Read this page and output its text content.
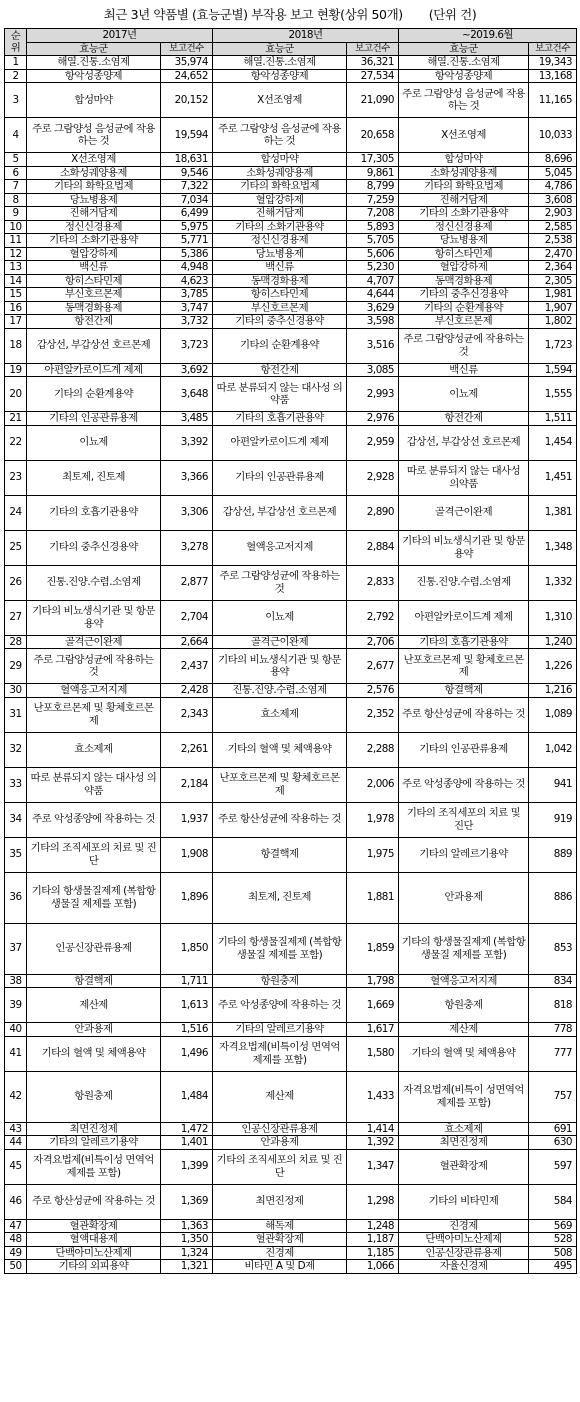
최근 3년 약품별 (효능군별) 부작용 보고 현황(상위 50개) (단위 건)
순위	2017년		2018년		~2019.6월	
	효능군	보고건수	효능군	보고건수	효능군	보고건수
1	해열.진통.소염제	35,974	해열.진통.소염제	36,321	해열.진통.소염제	19,343
2	항악성종양제	24,652	항악성종양제	27,534	항악성종양제	13,168
3	합성마약	20,152	X선조영제	21,090	주로 그람양성 음성균에 작용하는 것	11,165
4	주로 그람양성 음성균에 작용하는 것	19,594	주로 그람양성 음성균에 작용하는 것	20,658	X선조영제	10,033
5	X선조영제	18,631	합성마약	17,305	합성마약	8,696
6	소화성궤양용제	9,546	소화성궤양용제	9,861	소화성궤양용제	5,045
7	기타의 화학요법제	7,322	기타의 화학요법제	8,799	기타의 화학요법제	4,786
8	당뇨병용제	7,034	혈압강하제	7,259	진해거담제	3,608
9	진해거담제	6,499	진해거담제	7,208	기타의 소화기관용약	2,903
10	정신신경용제	5,975	기타의 소화기관용약	5,893	정신신경용제	2,585
11	기타의 소화기관용약	5,771	정신신경용제	5,705	당뇨병용제	2,538
12	혈압강하제	5,386	당뇨병용제	5,606	항히스타민제	2,470
13	백신류	4,948	백신류	5,230	혈압강하제	2,364
14	항히스타민제	4,623	동맥경화용제	4,707	동맥경화용제	2,305
15	부신호르몬제	3,785	항히스타민제	4,644	기타의 중추신경용약	1,981
16	동맥경화용제	3,747	부신호르몬제	3,629	기타의 순환계용약	1,907
17	항전간제	3,732	기타의 중추신경용약	3,598	부신호르몬제	1,802
18	갑상선, 부갑상선 호르몬제	3,723	기타의 순환계용약	3,516	주로 그람양성균에 작용하는 것	1,723
19	아편알카로이드계 제제	3,692	항전간제	3,085	백신류	1,594
20	기타의 순환계용약	3,648	따로 분류되지 않는 대사성 의약품	2,993	이뇨제	1,555
21	기타의 인공관류용제	3,485	기타의 호흡기관용약	2,976	항전간제	1,511
22	이뇨제	3,392	아편알카로이드계 제제	2,959	갑상선, 부갑상선 호르몬제	1,454
23	최토제, 진토제	3,366	기타의 인공관류용제	2,928	따로 분류되지 않는 대사성 의약품	1,451
24	기타의 호흡기관용약	3,306	갑상선, 부갑상선 호르몬제	2,890	골격근이완제	1,381
25	기타의 중추신경용약	3,278	혈액응고저지제	2,884	기타의 비뇨생식기관 및 항문용약	1,348
26	진통.진양.수렴.소염제	2,877	주로 그람양성균에 작용하는 것	2,833	진통.진양.수렴.소염제	1,332
27	기타의 비뇨생식기관 및 항문용약	2,704	이뇨제	2,792	아편알카로이드계 제제	1,310
28	골격근이완제	2,664	골격근이완제	2,706	기타의 호흡기관용약	1,240
29	주로 그람양성균에 작용하는 것	2,437	기타의 비뇨생식기관 및 항문용약	2,677	난포호르몬제 및 황체호르몬제	1,226
30	혈액응고저지제	2,428	진통.진양.수렴.소염제	2,576	항결핵제	1,216
31	난포호르몬제 및 황체호르몬제	2,343	효소제제	2,352	주로 항산성균에 작용하는 것	1,089
32	효소제제	2,261	기타의 혈액 및 체액용약	2,288	기타의 인공관류용제	1,042
33	따로 분류되지 않는 대사성 의약품	2,184	난포호르몬제 및 황체호르몬제	2,006	주로 악성종양에 작용하는 것	941
34	주로 악성종양에 작용하는 것	1,937	주로 항산성균에 작용하는 것	1,978	기타의 조직세포의 치료 및 진단	919
35	기타의 조직세포의 치료 및 진단	1,908	항결핵제	1,975	기타의 알레르기용약	889
36	기타의 항생물질제제 (복합항생물질 제제를 포함)	1,896	최토제, 진토제	1,881	안과용제	886
37	인공신장관류용제	1,850	기타의 항생물질제제 (복합항생물질 제제를 포함)	1,859	기타의 항생물질제제 (복합항생물질 제제를 포함)	853
38	항결핵제	1,711	항원충제	1,798	혈액응고저지제	834
39	제산제	1,613	주로 악성종양에 작용하는 것	1,669	항원충제	818
40	안과용제	1,516	기타의 알레르기용약	1,617	제산제	778
41	기타의 혈액 및 체액용약	1,496	자격요법제(비특이성 면역억제제를 포함)	1,580	기타의 혈액 및 체액용약	777
42	항원충제	1,484	제산제	1,433	자격요법제(비특이 성면역억제제를 포함)	757
43	최면진정제	1,472	인공신장관류용제	1,414	효소제제	691
44	기타의 알레르기용약	1,401	안과용제	1,392	최면진정제	630
45	자격요법제(비특이성 면역억제제를 포함)	1,399	기타의 조직세포의 치료 및 진단	1,347	혈관확장제	597
46	주로 항산성균에 작용하는 것	1,369	최면진정제	1,298	기타의 비타민제	584
47	혈관확장제	1,363	해독제	1,248	진경제	569
48	혈액대용제	1,350	혈관확장제	1,187	단백아미노산제제	528
49	단백아미노산제제	1,324	진경제	1,185	인공신장관류용제	508
50	기타의 외피용약	1,321	비타민 A 및 D제	1,066	자율신경제	495
